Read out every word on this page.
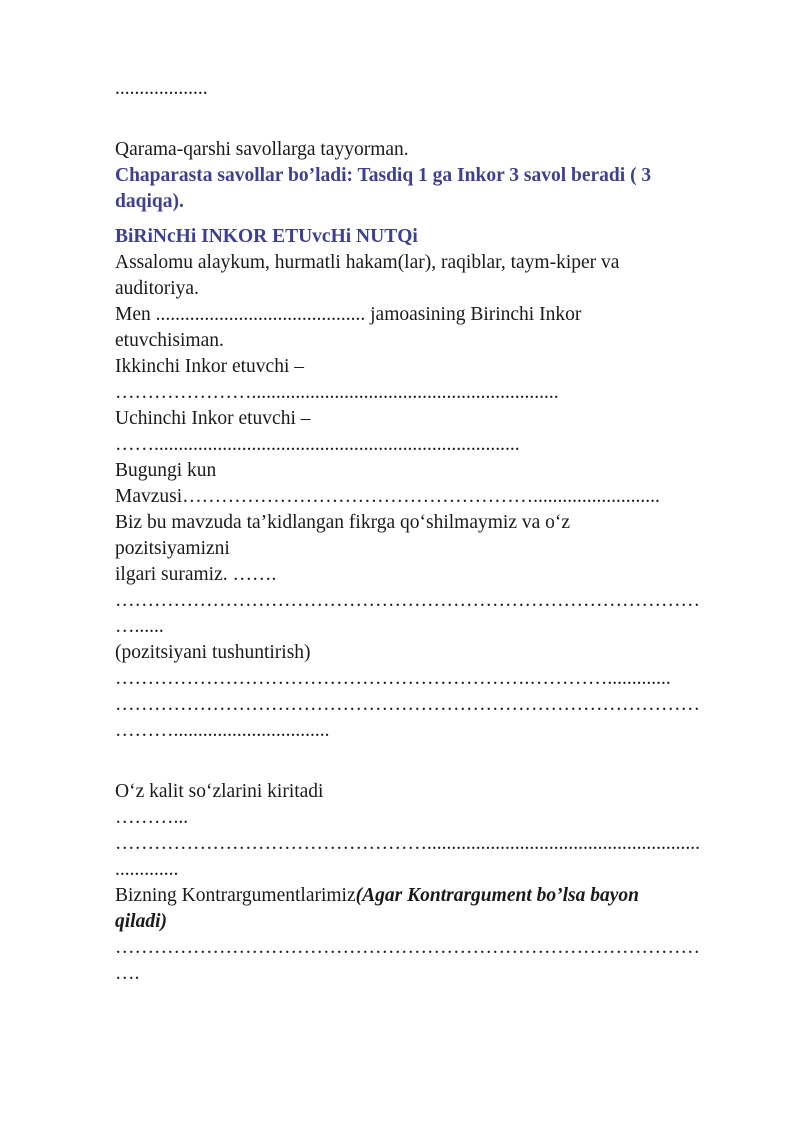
...................
Qarama-qarshi savollarga tayyorman.
Chaparasta savollar bo’ladi: Tasdiq 1 ga Inkor 3 savol beradi ( 3
daqiqa).
BiRiNcHi INKOR ETUvcHi NUTQi
Assalomu alaykum, hurmatli hakam(lar), raqiblar, taym-kiper va
auditoriya.
Men ........................................... jamoasining Birinchi Inkor
etuvchisiman.
Ikkinchi Inkor etuvchi –
…………………...............................................................
Uchinchi Inkor etuvchi –
……...........................................................................
Bugungi kun
Mavzusi………………………………………………..........................
Biz bu mavzuda ta’kidlangan fikrga qo‘shilmaymiz va o‘z
pozitsiyamizni
ilgari suramiz. …….
………………………………………………………………………………
…......
(pozitsiyani tushuntirish)
……………………………………………………….………….............
………………………………………………………………………………
………................................
O‘z kalit so‘zlarini kiritadi
………...
…………………………………………........................................................
.............
Bizning Kontrargumentlarimiz(Agar Kontrargument bo’lsa bayon
qiladi)
………………………………………………………………………………
….
